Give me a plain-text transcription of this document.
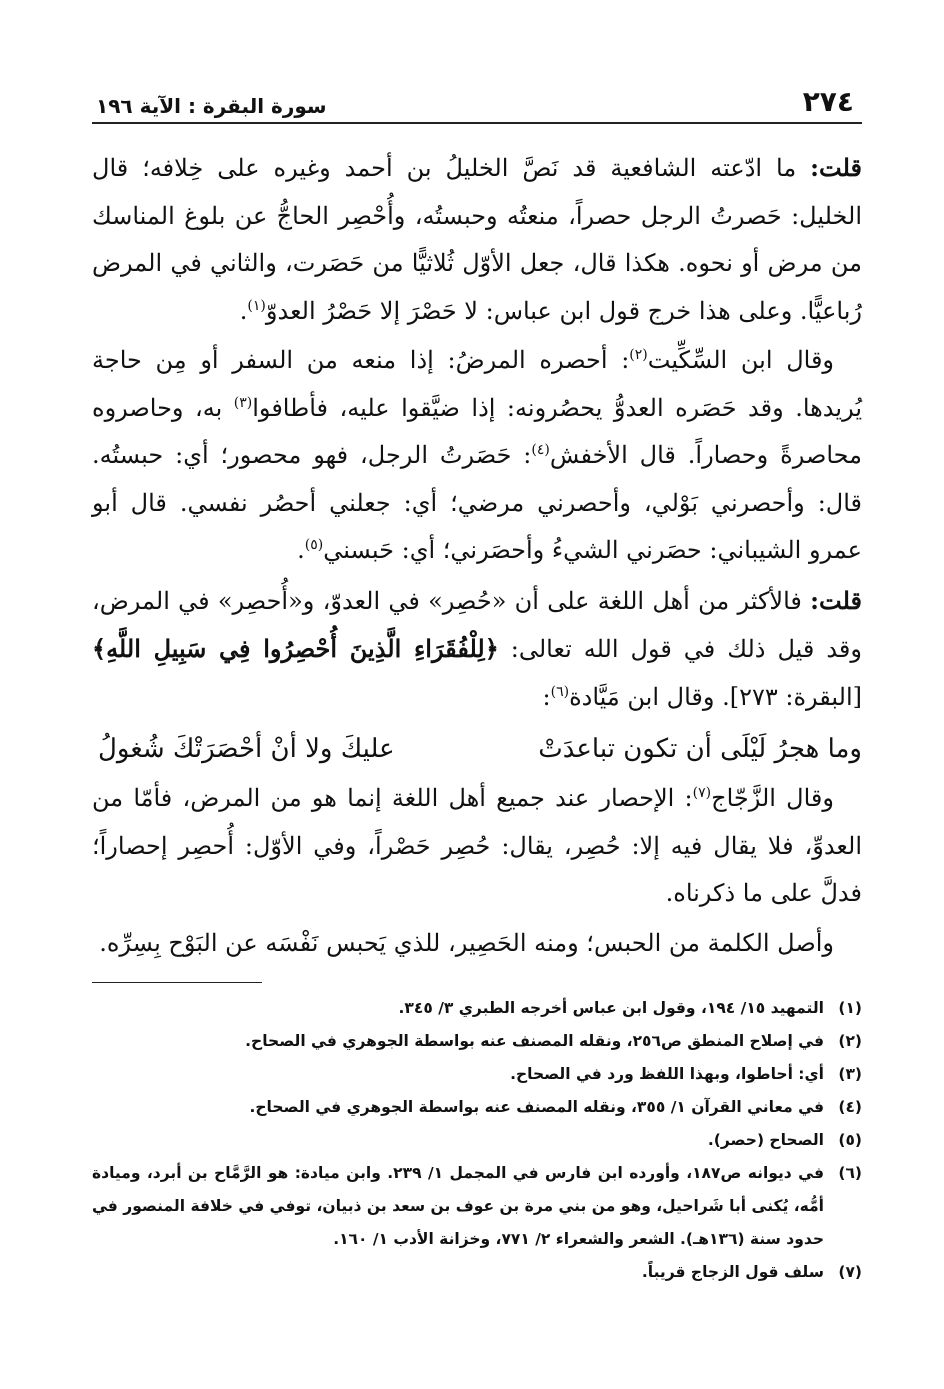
٢٧٤
سورة البقرة : الآية ١٩٦

قلت: ما ادّعته الشافعية قد نَصَّ الخليلُ بن أحمد وغيره على خِلافه؛ قال الخليل: حَصرتُ الرجل حصراً، منعتُه وحبستُه، وأُحْصِر الحاجُّ عن بلوغ المناسك من مرض أو نحوه. هكذا قال، جعل الأوّل ثُلاثيًّا من حَصَرت، والثاني في المرض رُباعيًّا. وعلى هذا خرج قول ابن عباس: لا حَصْرَ إلا حَصْرُ العدوّ$^{(١)}$.

وقال ابن السِّكِّيت$^{(٢)}$: أحصره المرضُ: إذا منعه من السفر أو مِن حاجة يُريدها. وقد حَصَره العدوُّ يحصُرونه: إذا ضيَّقوا عليه، فأطافوا$^{(٣)}$ به، وحاصروه محاصرةً وحصاراً. قال الأخفش$^{(٤)}$: حَصَرتُ الرجل، فهو محصور؛ أي: حبستُه. قال: وأحصرني بَوْلي، وأحصرني مرضي؛ أي: جعلني أحصُر نفسي. قال أبو عمرو الشيباني: حصَرني الشيءُ وأحصَرني؛ أي: حَبسني$^{(٥)}$.

قلت: فالأكثر من أهل اللغة على أن «حُصِر» في العدوّ، و«أُحصِر» في المرض، وقد قيل ذلك في قول الله تعالى: ﴿لِلْفُقَرَاءِ الَّذِينَ أُحْصِرُوا فِي سَبِيلِ اللَّهِ﴾ [البقرة: ٢٧٣]. وقال ابن مَيَّادة$^{(٦)}$:

وما هجرُ لَيْلَى أن تكون تباعدَتْ
عليكَ ولا أنْ أحْصَرَتْكَ شُغولُ

وقال الزَّجّاج$^{(٧)}$: الإحصار عند جميع أهل اللغة إنما هو من المرض، فأمّا من العدوِّ، فلا يقال فيه إلا: حُصِر، يقال: حُصِر حَصْراً، وفي الأوّل: أُحصِر إحصاراً؛ فدلَّ على ما ذكرناه.

وأصل الكلمة من الحبس؛ ومنه الحَصِير، للذي يَحبس نَفْسَه عن البَوْح بِسِرِّه.

(١)
التمهيد ١٥/ ١٩٤، وقول ابن عباس أخرجه الطبري ٣/ ٣٤٥.
(٢)
في إصلاح المنطق ص٢٥٦، ونقله المصنف عنه بواسطة الجوهري في الصحاح.
(٣)
أي: أحاطوا، وبهذا اللفظ ورد في الصحاح.
(٤)
في معاني القرآن ١/ ٣٥٥، ونقله المصنف عنه بواسطة الجوهري في الصحاح.
(٥)
الصحاح (حصر).
(٦)
في ديوانه ص١٨٧، وأورده ابن فارس في المجمل ١/ ٢٣٩. وابن ميادة: هو الرَّمَّاح بن أبرد، وميادة أمُّه، يُكنى أبا شَراحيل، وهو من بني مرة بن عوف بن سعد بن ذبيان، توفي في خلافة المنصور في حدود سنة (١٣٦هـ). الشعر والشعراء ٢/ ٧٧١، وخزانة الأدب ١/ ١٦٠.
(٧)
سلف قول الزجاج قريباً.
